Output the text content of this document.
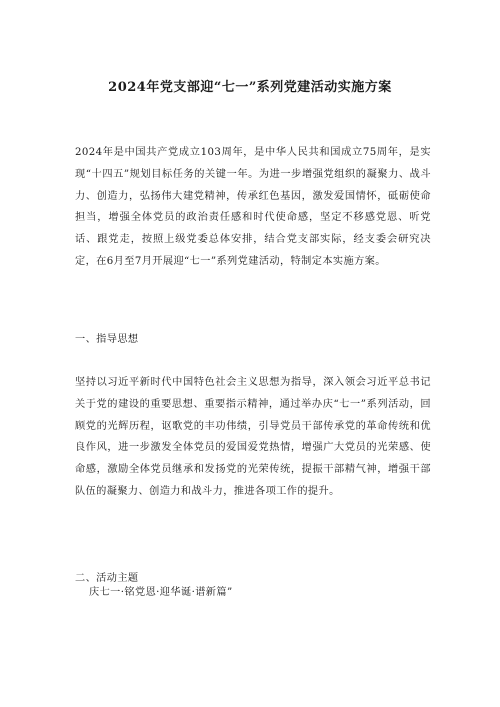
2024年党支部迎“七一”系列党建活动实施方案

2024年是中国共产党成立103周年，是中华人民共和国成立75周年，是实现“十四五”规划目标任务的关键一年。为进一步增强党组织的凝聚力、战斗力、创造力，弘扬伟大建党精神，传承红色基因，激发爱国情怀，砥砺使命担当，增强全体党员的政治责任感和时代使命感，坚定不移感党恩、听党话、跟党走，按照上级党委总体安排，结合党支部实际，经支委会研究决定，在6月至7月开展迎“七一”系列党建活动，特制定本实施方案。

一、指导思想

坚持以习近平新时代中国特色社会主义思想为指导，深入领会习近平总书记关于党的建设的重要思想、重要指示精神，通过举办庆“七一”系列活动，回顾党的光辉历程，讴歌党的丰功伟绩，引导党员干部传承党的革命传统和优良作风，进一步激发全体党员的爱国爱党热情，增强广大党员的光荣感、使命感，激励全体党员继承和发扬党的光荣传统，提振干部精气神，增强干部队伍的凝聚力、创造力和战斗力，推进各项工作的提升。

二、活动主题

庆七一·铭党恩·迎华诞·谱新篇”
